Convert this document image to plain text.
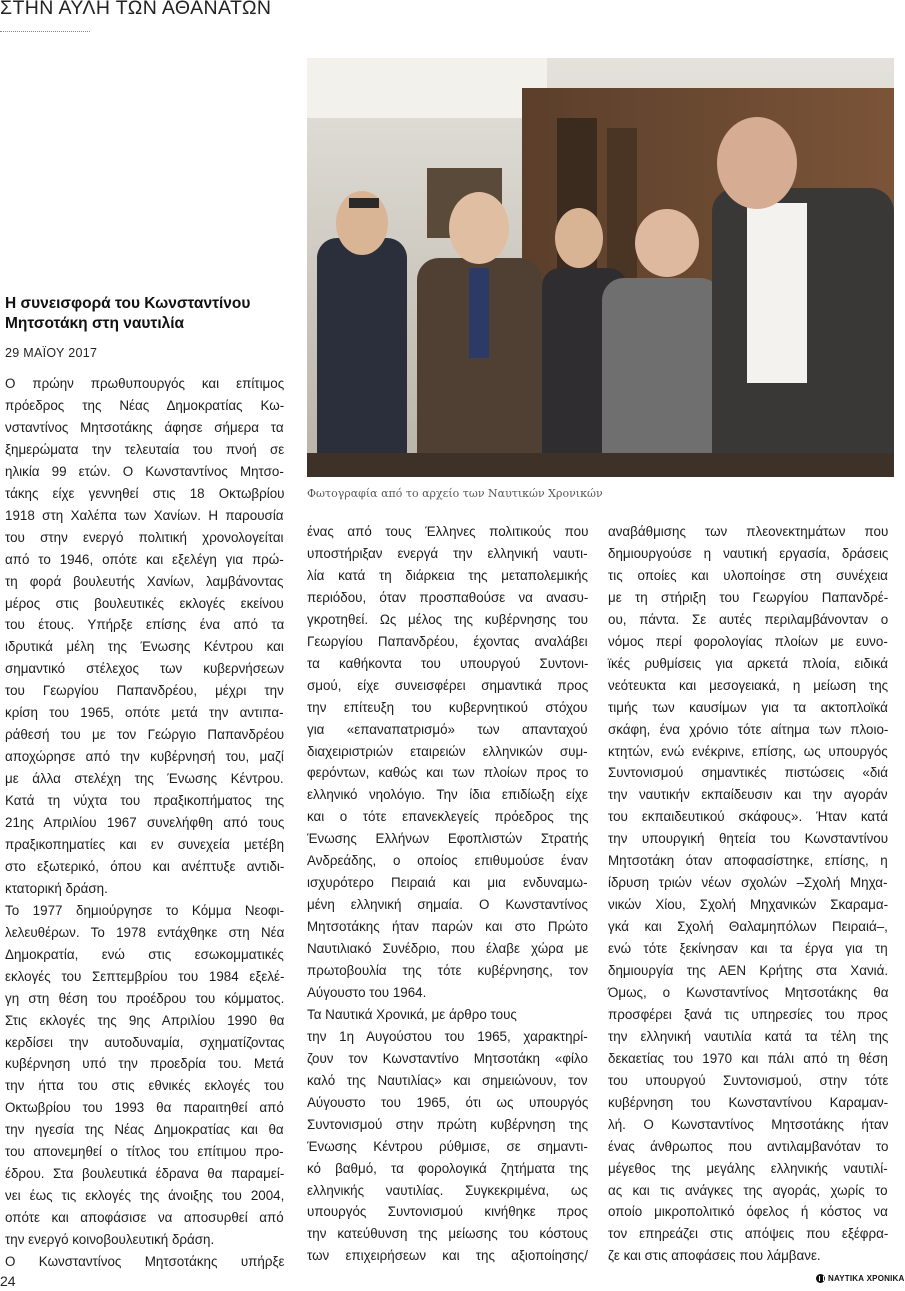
ΣΤΗΝ ΑΥΛΗ ΤΩΝ ΑΘΑΝΑΤΩΝ
Φωτογραφία από το αρχείο των Ναυτικών Χρονικών
Η συνεισφορά του Κωνσταντίνου
Μητσοτάκη στη ναυτιλία
29 ΜΑΪΟΥ 2017
Ο πρώην πρωθυπουργός και επίτιμος
πρόεδρος της Νέας Δημοκρατίας Κω-
νσταντίνος Μητσοτάκης άφησε σήμερα τα
ξημερώματα την τελευταία του πνοή σε
ηλικία 99 ετών. Ο Κωνσταντίνος Μητσο-
τάκης είχε γεννηθεί στις 18 Οκτωβρίου
1918 στη Χαλέπα των Χανίων. Η παρουσία
του στην ενεργό πολιτική χρονολογείται
από το 1946, οπότε και εξελέγη για πρώ-
τη φορά βουλευτής Χανίων, λαμβάνοντας
μέρος στις βουλευτικές εκλογές εκείνου
του έτους. Υπήρξε επίσης ένα από τα
ιδρυτικά μέλη της Ένωσης Κέντρου και
σημαντικό στέλεχος των κυβερνήσεων
του Γεωργίου Παπανδρέου, μέχρι την
κρίση του 1965, οπότε μετά την αντιπα-
ράθεσή του με τον Γεώργιο Παπανδρέου
αποχώρησε από την κυβέρνησή του, μαζί
με άλλα στελέχη της Ένωσης Κέντρου.
Κατά τη νύχτα του πραξικοπήματος της
21ης Απριλίου 1967 συνελήφθη από τους
πραξικοπηματίες και εν συνεχεία μετέβη
στο εξωτερικό, όπου και ανέπτυξε αντιδι-
κτατορική δράση.
Το 1977 δημιούργησε το Κόμμα Νεοφι-
λελευθέρων. Το 1978 εντάχθηκε στη Νέα
Δημοκρατία, ενώ στις εσωκομματικές
εκλογές του Σεπτεμβρίου του 1984 εξελέ-
γη στη θέση του προέδρου του κόμματος.
Στις εκλογές της 9ης Απριλίου 1990 θα
κερδίσει την αυτοδυναμία, σχηματίζοντας
κυβέρνηση υπό την προεδρία του. Μετά
την ήττα του στις εθνικές εκλογές του
Οκτωβρίου του 1993 θα παραιτηθεί από
την ηγεσία της Νέας Δημοκρατίας και θα
του απονεμηθεί ο τίτλος του επίτιμου προ-
έδρου. Στα βουλευτικά έδρανα θα παραμεί-
νει έως τις εκλογές της άνοιξης του 2004,
οπότε και αποφάσισε να αποσυρθεί από
την ενεργό κοινοβουλευτική δράση.
Ο Κωνσταντίνος Μητσοτάκης υπήρξε
ένας από τους Έλληνες πολιτικούς που
υποστήριξαν ενεργά την ελληνική ναυτι-
λία κατά τη διάρκεια της μεταπολεμικής
περιόδου, όταν προσπαθούσε να ανασυ-
γκροτηθεί. Ως μέλος της κυβέρνησης του
Γεωργίου Παπανδρέου, έχοντας αναλάβει
τα καθήκοντα του υπουργού Συντονι-
σμού, είχε συνεισφέρει σημαντικά προς
την επίτευξη του κυβερνητικού στόχου
για «επαναπατρισμό» των απανταχού
διαχειριστριών εταιρειών ελληνικών συμ-
φερόντων, καθώς και των πλοίων προς το
ελληνικό νηολόγιο. Την ίδια επιδίωξη είχε
και ο τότε επανεκλεγείς πρόεδρος της
Ένωσης Ελλήνων Εφοπλιστών Στρατής
Ανδρεάδης, ο οποίος επιθυμούσε έναν
ισχυρότερο Πειραιά και μια ενδυναμω-
μένη ελληνική σημαία. Ο Κωνσταντίνος
Μητσοτάκης ήταν παρών και στο Πρώτο
Ναυτιλιακό Συνέδριο, που έλαβε χώρα με
πρωτοβουλία της τότε κυβέρνησης, τον
Αύγουστο του 1964.
Τα Ναυτικά Χρονικά, με άρθρο τους
την 1η Αυγούστου του 1965, χαρακτηρί-
ζουν τον Κωνσταντίνο Μητσοτάκη «φίλο
καλό της Ναυτιλίας» και σημειώνουν, τον
Αύγουστο του 1965, ότι ως υπουργός
Συντονισμού στην πρώτη κυβέρνηση της
Ένωσης Κέντρου ρύθμισε, σε σημαντι-
κό βαθμό, τα φορολογικά ζητήματα της
ελληνικής ναυτιλίας. Συγκεκριμένα, ως
υπουργός Συντονισμού κινήθηκε προς
την κατεύθυνση της μείωσης του κόστους
των επιχειρήσεων και της αξιοποίησης/
αναβάθμισης των πλεονεκτημάτων που
δημιουργούσε η ναυτική εργασία, δράσεις
τις οποίες και υλοποίησε στη συνέχεια
με τη στήριξη του Γεωργίου Παπανδρέ-
ου, πάντα. Σε αυτές περιλαμβάνονταν ο
νόμος περί φορολογίας πλοίων με ευνο-
ϊκές ρυθμίσεις για αρκετά πλοία, ειδικά
νεότευκτα και μεσογειακά, η μείωση της
τιμής των καυσίμων για τα ακτοπλοϊκά
σκάφη, ένα χρόνιο τότε αίτημα των πλοιο-
κτητών, ενώ ενέκρινε, επίσης, ως υπουργός
Συντονισμού σημαντικές πιστώσεις «διά
την ναυτικήν εκπαίδευσιν και την αγοράν
του εκπαιδευτικού σκάφους». Ήταν κατά
την υπουργική θητεία του Κωνσταντίνου
Μητσοτάκη όταν αποφασίστηκε, επίσης, η
ίδρυση τριών νέων σχολών –Σχολή Μηχα-
νικών Χίου, Σχολή Μηχανικών Σκαραμα-
γκά και Σχολή Θαλαμηπόλων Πειραιά–,
ενώ τότε ξεκίνησαν και τα έργα για τη
δημιουργία της ΑΕΝ Κρήτης στα Χανιά.
Όμως, ο Κωνσταντίνος Μητσοτάκης θα
προσφέρει ξανά τις υπηρεσίες του προς
την ελληνική ναυτιλία κατά τα τέλη της
δεκαετίας του 1970 και πάλι από τη θέση
του υπουργού Συντονισμού, στην τότε
κυβέρνηση του Κωνσταντίνου Καραμαν-
λή. Ο Κωνσταντίνος Μητσοτάκης ήταν
ένας άνθρωπος που αντιλαμβανόταν το
μέγεθος της μεγάλης ελληνικής ναυτιλί-
ας και τις ανάγκες της αγοράς, χωρίς το
οποίο μικροπολιτικό όφελος ή κόστος να
τον επηρεάζει στις απόψεις που εξέφρα-
ζε και στις αποφάσεις που λάμβανε.
24	ΝΑΥΤΙΚΑ ΧΡΟΝΙΚΑ
